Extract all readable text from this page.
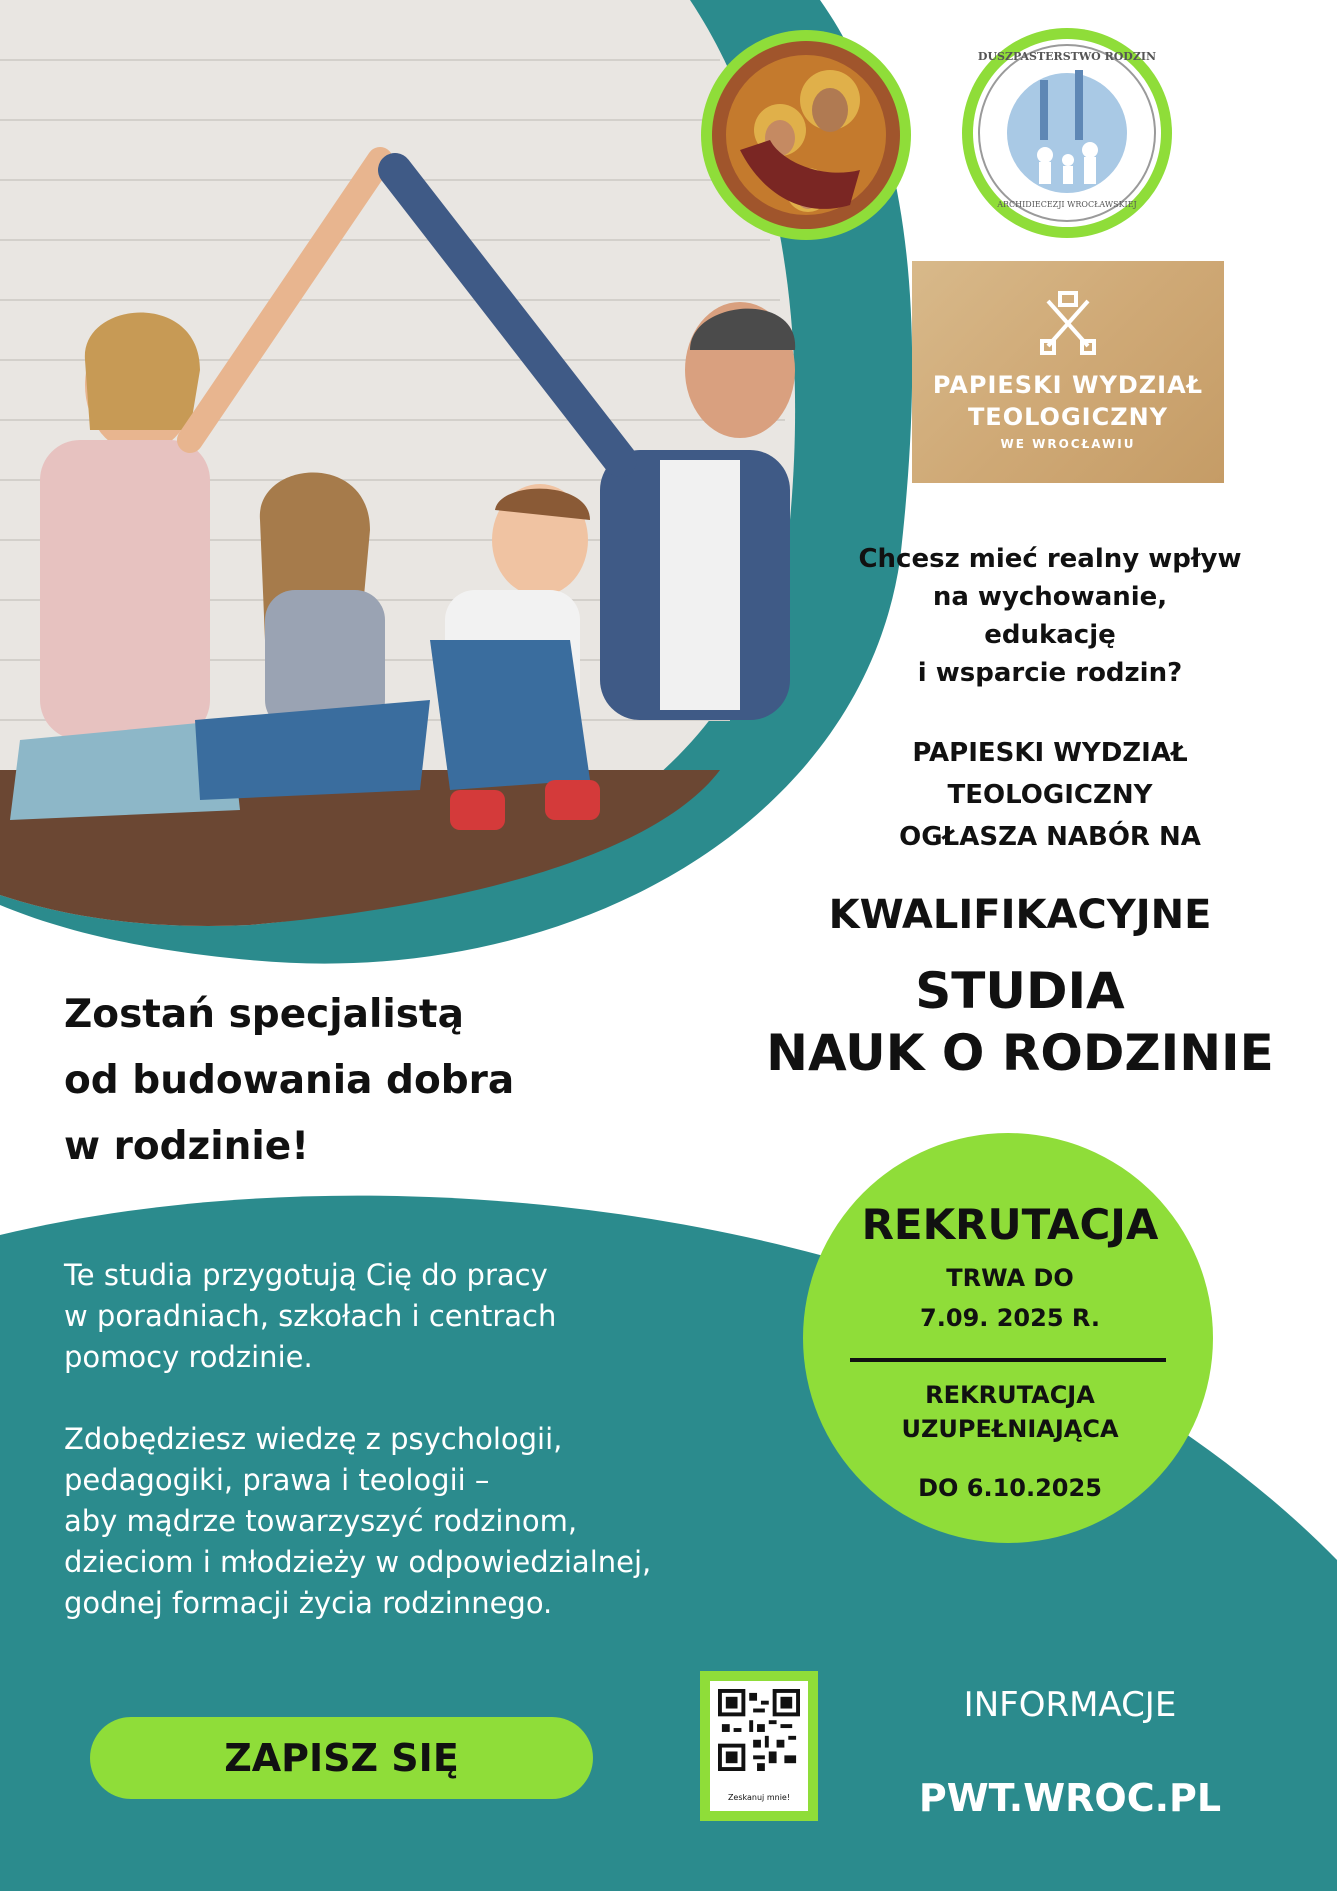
DUSZPASTERSTWO RODZIN
ARCHIDIECEZJI WROCŁAWSKIEJ
PAPIESKI WYDZIAŁ
TEOLOGICZNY
WE WROCŁAWIU
Chcesz mieć realny wpływ
na wychowanie,
edukację
i wsparcie rodzin?
PAPIESKI WYDZIAŁ
TEOLOGICZNY
OGŁASZA NABÓR NA
KWALIFIKACYJNE
STUDIA
NAUK O RODZINIE
Zostań specjalistą
od budowania dobra
w rodzinie!

Te studia przygotują Cię do pracy
w poradniach, szkołach i centrach
pomocy rodzinie.

Zdobędziesz wiedzę z psychologii,
pedagogiki, prawa i teologii –
aby mądrze towarzyszyć rodzinom,
dzieciom i młodzieży w odpowiedzialnej,
godnej formacji życia rodzinnego.

REKRUTACJA
TRWA DO
7.09. 2025 R.
REKRUTACJA
UZUPEŁNIAJĄCA
DO 6.10.2025
ZAPISZ SIĘ
Zeskanuj mnie!
INFORMACJE
PWT.WROC.PL
